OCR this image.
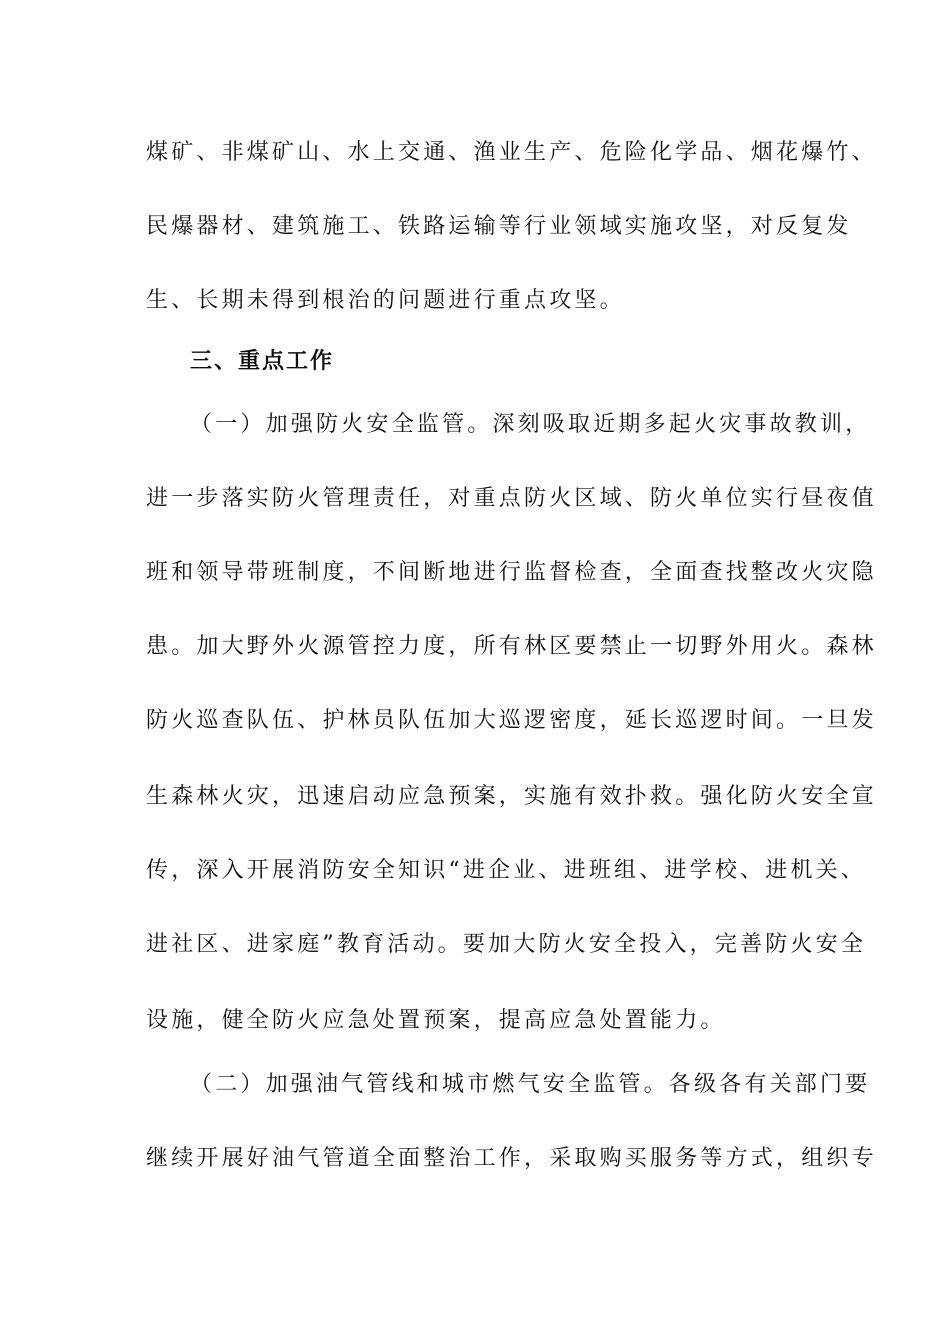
煤矿、非煤矿山、水上交通、渔业生产、危险化学品、烟花爆竹、
民爆器材、建筑施工、铁路运输等行业领域实施攻坚，对反复发
生、长期未得到根治的问题进行重点攻坚。
三、重点工作
（一）加强防火安全监管。深刻吸取近期多起火灾事故教训，
进一步落实防火管理责任，对重点防火区域、防火单位实行昼夜值
班和领导带班制度，不间断地进行监督检查，全面查找整改火灾隐
患。加大野外火源管控力度，所有林区要禁止一切野外用火。森林
防火巡查队伍、护林员队伍加大巡逻密度，延长巡逻时间。一旦发
生森林火灾，迅速启动应急预案，实施有效扑救。强化防火安全宣
传，深入开展消防安全知识“进企业、进班组、进学校、进机关、
进社区、进家庭”教育活动。要加大防火安全投入，完善防火安全
设施，健全防火应急处置预案，提高应急处置能力。
（二）加强油气管线和城市燃气安全监管。各级各有关部门要
继续开展好油气管道全面整治工作，采取购买服务等方式，组织专
